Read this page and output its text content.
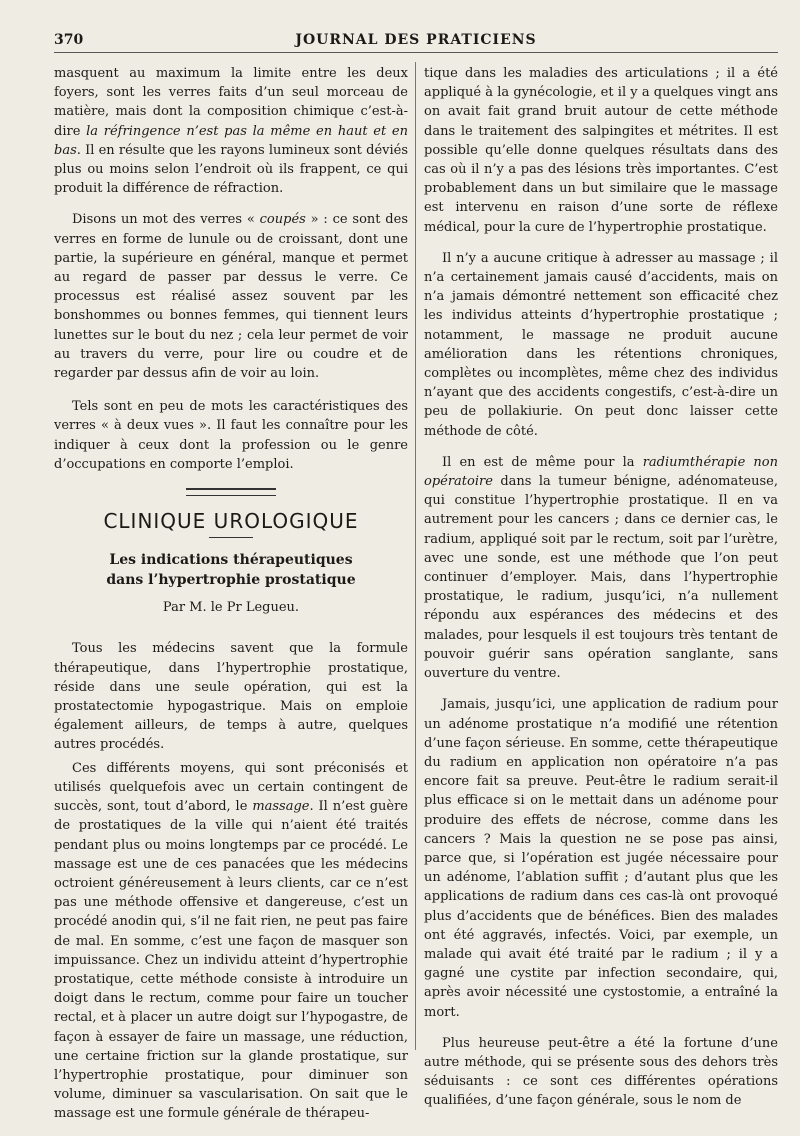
370	JOURNAL DES PRATICIENS

masquent au maximum la limite entre les deux foyers, sont les verres faits d’un seul morceau de matière, mais dont la composition chimique c’est-à-dire la réfringence n’est pas la même en haut et en bas. Il en résulte que les rayons lumineux sont déviés plus ou moins selon l’endroit où ils frappent, ce qui produit la différence de réfraction.

Disons un mot des verres « coupés » : ce sont des verres en forme de lunule ou de croissant, dont une partie, la supérieure en général, manque et permet au regard de passer par dessus le verre. Ce processus est réalisé assez souvent par les bonshommes ou bonnes femmes, qui tiennent leurs lunettes sur le bout du nez ; cela leur permet de voir au travers du verre, pour lire ou coudre et de regarder par dessus afin de voir au loin.

Tels sont en peu de mots les caractéristiques des verres « à deux vues ». Il faut les connaître pour les indiquer à ceux dont la profession ou le genre d’occupations en comporte l’emploi.

CLINIQUE UROLOGIQUE
Les indications thérapeutiques
dans l’hypertrophie prostatique
Par M. le Pr Legueu.

Tous les médecins savent que la formule thérapeutique, dans l’hypertrophie prostatique, réside dans une seule opération, qui est la prostatectomie hypogastrique. Mais on emploie également ailleurs, de temps à autre, quelques autres procédés.

Ces différents moyens, qui sont préconisés et utilisés quelquefois avec un certain contingent de succès, sont, tout d’abord, le massage. Il n’est guère de prostatiques de la ville qui n’aient été traités pendant plus ou moins longtemps par ce procédé. Le massage est une de ces panacées que les médecins octroient généreusement à leurs clients, car ce n’est pas une méthode offensive et dangereuse, c’est un procédé anodin qui, s’il ne fait rien, ne peut pas faire de mal. En somme, c’est une façon de masquer son impuissance. Chez un individu atteint d’hypertrophie prostatique, cette méthode consiste à introduire un doigt dans le rectum, comme pour faire un toucher rectal, et à placer un autre doigt sur l’hypogastre, de façon à essayer de faire un massage, une réduction, une certaine friction sur la glande prostatique, sur l’hypertrophie prostatique, pour diminuer son volume, diminuer sa vascularisation. On sait que le massage est une formule générale de thérapeu-

tique dans les maladies des articulations ; il a été appliqué à la gynécologie, et il y a quelques vingt ans on avait fait grand bruit autour de cette méthode dans le traitement des salpingites et métrites. Il est possible qu’elle donne quelques résultats dans des cas où il n’y a pas des lésions très importantes. C’est probablement dans un but similaire que le massage est intervenu en raison d’une sorte de réflexe médical, pour la cure de l’hypertrophie prostatique.

Il n’y a aucune critique à adresser au massage ; il n’a certainement jamais causé d’accidents, mais on n’a jamais démontré nettement son efficacité chez les individus atteints d’hypertrophie prostatique ; notamment, le massage ne produit aucune amélioration dans les rétentions chroniques, complètes ou incomplètes, même chez des individus n’ayant que des accidents congestifs, c’est-à-dire un peu de pollakiurie. On peut donc laisser cette méthode de côté.

Il en est de même pour la radiumthérapie non opératoire dans la tumeur bénigne, adénomateuse, qui constitue l’hypertrophie prostatique. Il en va autrement pour les cancers ; dans ce dernier cas, le radium, appliqué soit par le rectum, soit par l’urètre, avec une sonde, est une méthode que l’on peut continuer d’employer. Mais, dans l’hypertrophie prostatique, le radium, jusqu’ici, n’a nullement répondu aux espérances des médecins et des malades, pour lesquels il est toujours très tentant de pouvoir guérir sans opération sanglante, sans ouverture du ventre.

Jamais, jusqu’ici, une application de radium pour un adénome prostatique n’a modifié une rétention d’une façon sérieuse. En somme, cette thérapeutique du radium en application non opératoire n’a pas encore fait sa preuve. Peut-être le radium serait-il plus efficace si on le mettait dans un adénome pour produire des effets de nécrose, comme dans les cancers ? Mais la question ne se pose pas ainsi, parce que, si l’opération est jugée nécessaire pour un adénome, l’ablation suffit ; d’autant plus que les applications de radium dans ces cas-là ont provoqué plus d’accidents que de bénéfices. Bien des malades ont été aggravés, infectés. Voici, par exemple, un malade qui avait été traité par le radium ; il y a gagné une cystite par infection secondaire, qui, après avoir nécessité une cystostomie, a entraîné la mort.

Plus heureuse peut-être a été la fortune d’une autre méthode, qui se présente sous des dehors très séduisants : ce sont ces différentes opérations qualifiées, d’une façon générale, sous le nom de
